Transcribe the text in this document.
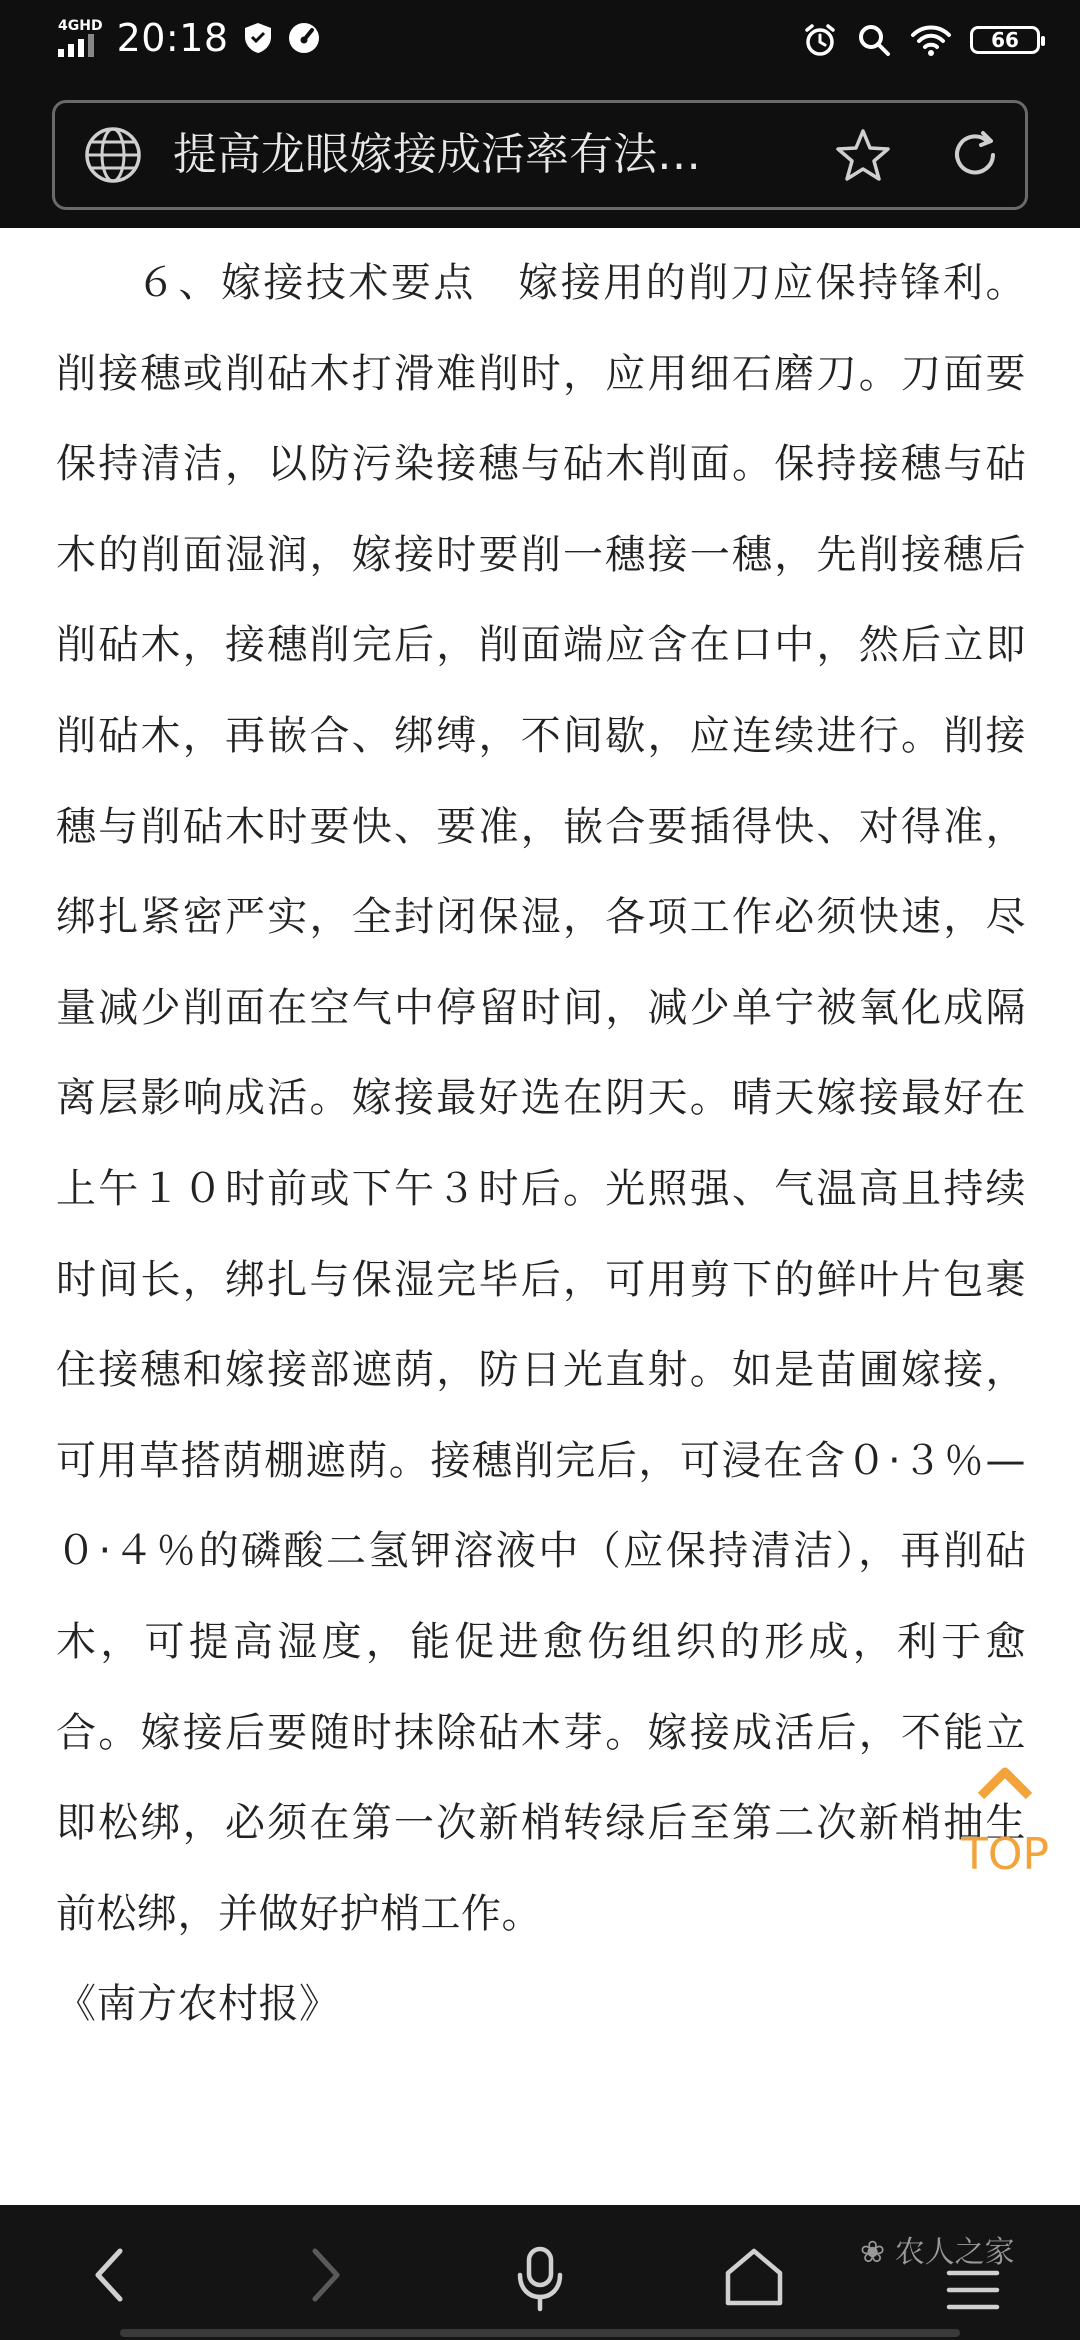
4GHD 20:18	66
提高龙眼嫁接成活率有法…

６、嫁接技术要点　嫁接用的削刀应保持锋利。削接穗或削砧木打滑难削时，应用细石磨刀。刀面要保持清洁，以防污染接穗与砧木削面。保持接穗与砧木的削面湿润，嫁接时要削一穗接一穗，先削接穗后削砧木，接穗削完后，削面端应含在口中，然后立即削砧木，再嵌合、绑缚，不间歇，应连续进行。削接穗与削砧木时要快、要准，嵌合要插得快、对得准，绑扎紧密严实，全封闭保湿，各项工作必须快速，尽量减少削面在空气中停留时间，减少单宁被氧化成隔离层影响成活。嫁接最好选在阴天。晴天嫁接最好在上午１０时前或下午３时后。光照强、气温高且持续时间长，绑扎与保湿完毕后，可用剪下的鲜叶片包裹住接穗和嫁接部遮荫，防日光直射。如是苗圃嫁接，可用草搭荫棚遮荫。接穗削完后，可浸在含０·３％—０·４％的磷酸二氢钾溶液中（应保持清洁），再削砧木，可提高湿度，能促进愈伤组织的形成，利于愈合。嫁接后要随时抹除砧木芽。嫁接成活后，不能立即松绑，必须在第一次新梢转绿后至第二次新梢抽生前松绑，并做好护梢工作。

《南方农村报》

TOP
❀ 农人之家
